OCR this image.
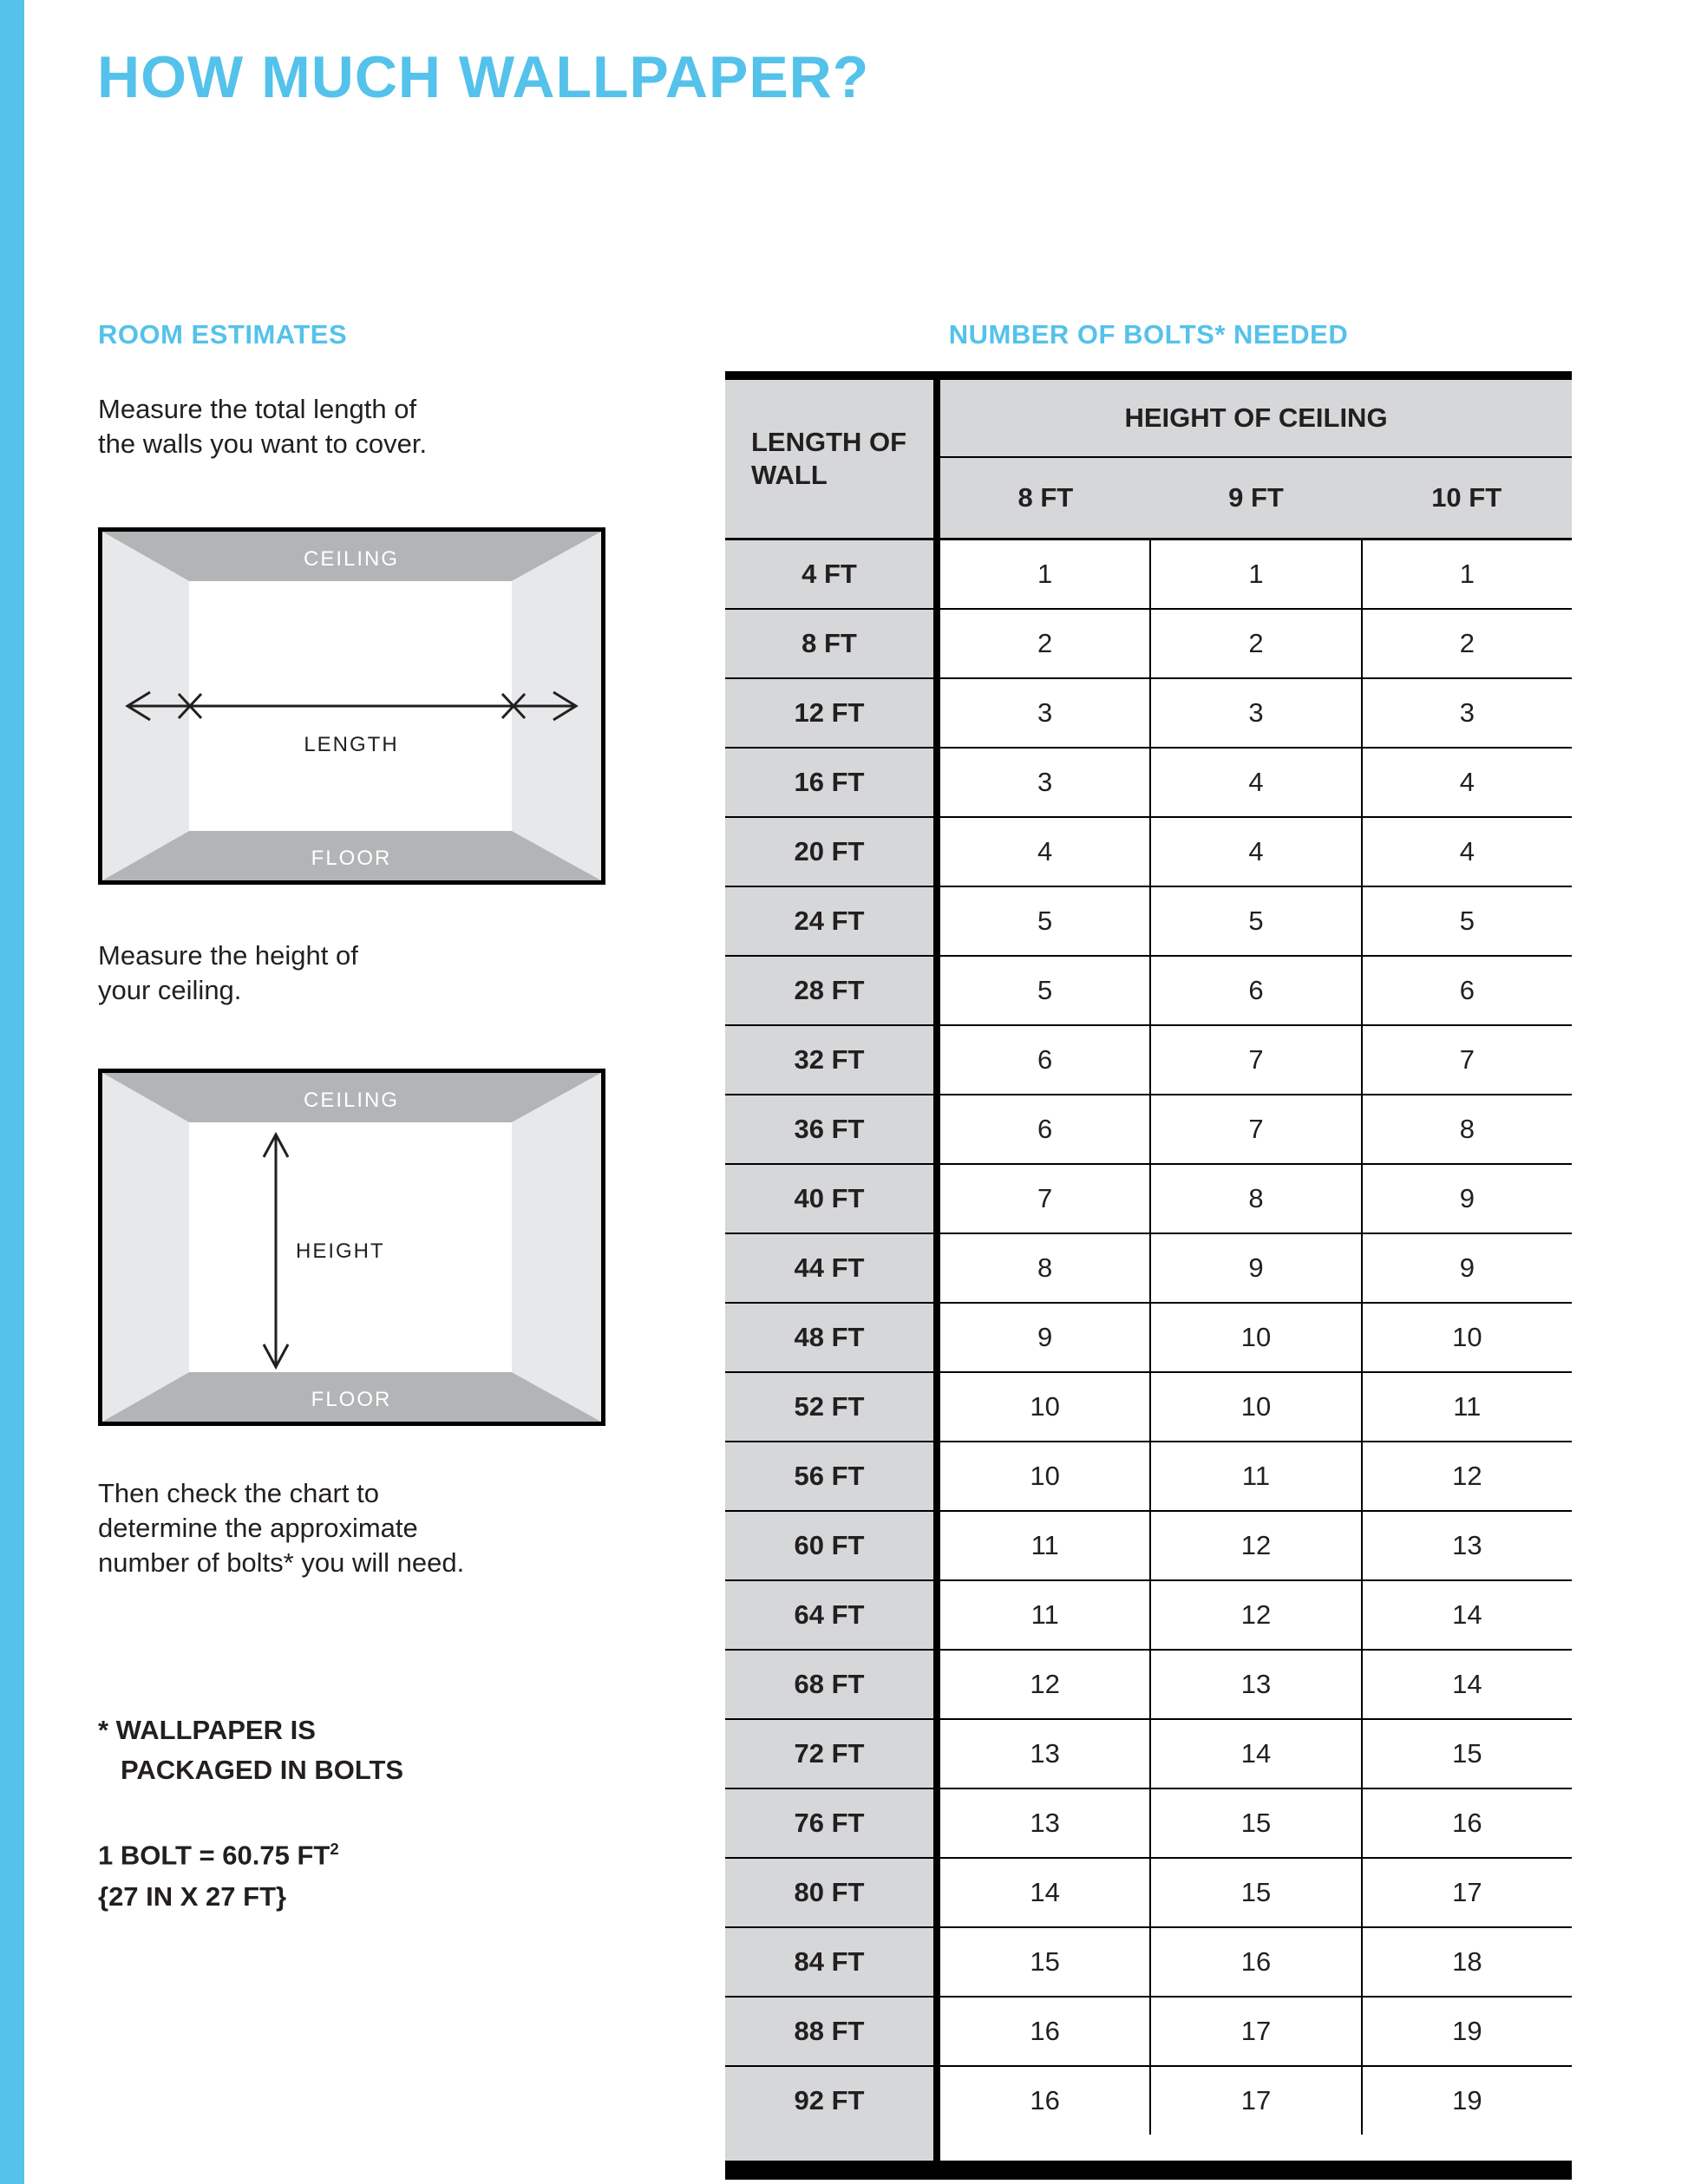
HOW MUCH WALLPAPER?
ROOM ESTIMATES	NUMBER OF BOLTS* NEEDED
Measure the total length of
the walls you want to cover.
CEILING
FLOOR
LENGTH
Measure the height of
your ceiling.
CEILING
FLOOR
HEIGHT
Then check the chart to
determine the approximate
number of bolts* you will need.
* WALLPAPER IS
PACKAGED IN BOLTS
1 BOLT = 60.75 $FT^2$
{27 IN X 27 FT}
LENGTH OF WALL
HEIGHT OF CEILING
8 FT	9 FT	10 FT
4 FT	1	1	1
8 FT	2	2	2
12 FT	3	3	3
16 FT	3	4	4
20 FT	4	4	4
24 FT	5	5	5
28 FT	5	6	6
32 FT	6	7	7
36 FT	6	7	8
40 FT	7	8	9
44 FT	8	9	9
48 FT	9	10	10
52 FT	10	10	11
56 FT	10	11	12
60 FT	11	12	13
64 FT	11	12	14
68 FT	12	13	14
72 FT	13	14	15
76 FT	13	15	16
80 FT	14	15	17
84 FT	15	16	18
88 FT	16	17	19
92 FT	16	17	19
